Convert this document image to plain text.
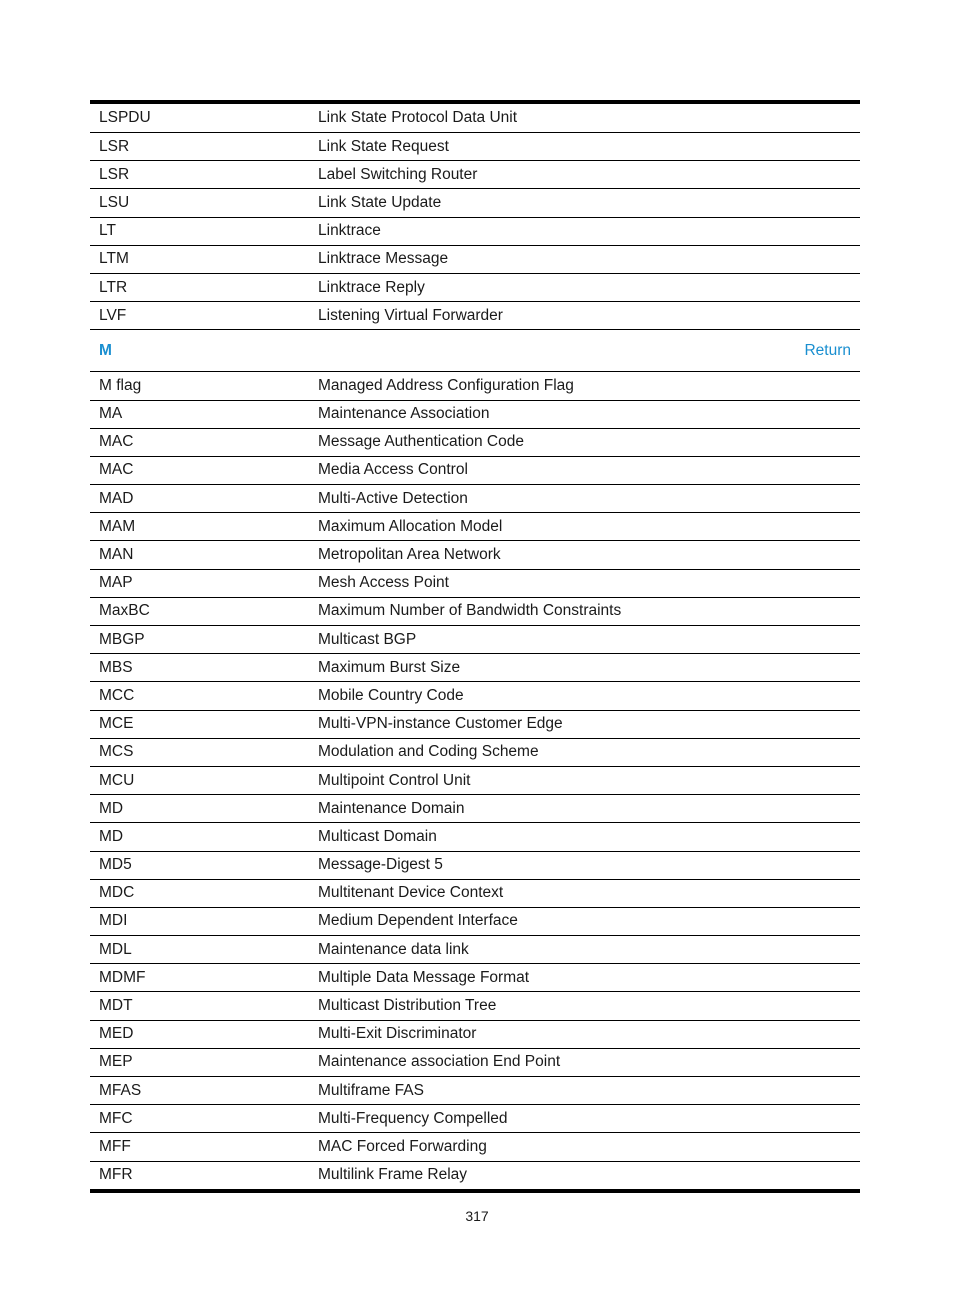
LSPDU	Link State Protocol Data Unit
LSR	Link State Request
LSR	Label Switching Router
LSU	Link State Update
LT	Linktrace
LTM	Linktrace Message
LTR	Linktrace Reply
LVF	Listening Virtual Forwarder
M	Return
M flag	Managed Address Configuration Flag
MA	Maintenance Association
MAC	Message Authentication Code
MAC	Media Access Control
MAD	Multi-Active Detection
MAM	Maximum Allocation Model
MAN	Metropolitan Area Network
MAP	Mesh Access Point
MaxBC	Maximum Number of Bandwidth Constraints
MBGP	Multicast BGP
MBS	Maximum Burst Size
MCC	Mobile Country Code
MCE	Multi-VPN-instance Customer Edge
MCS	Modulation and Coding Scheme
MCU	Multipoint Control Unit
MD	Maintenance Domain
MD	Multicast Domain
MD5	Message-Digest 5
MDC	Multitenant Device Context
MDI	Medium Dependent Interface
MDL	Maintenance data link
MDMF	Multiple Data Message Format
MDT	Multicast Distribution Tree
MED	Multi-Exit Discriminator
MEP	Maintenance association End Point
MFAS	Multiframe FAS
MFC	Multi-Frequency Compelled
MFF	MAC Forced Forwarding
MFR	Multilink Frame Relay
317
